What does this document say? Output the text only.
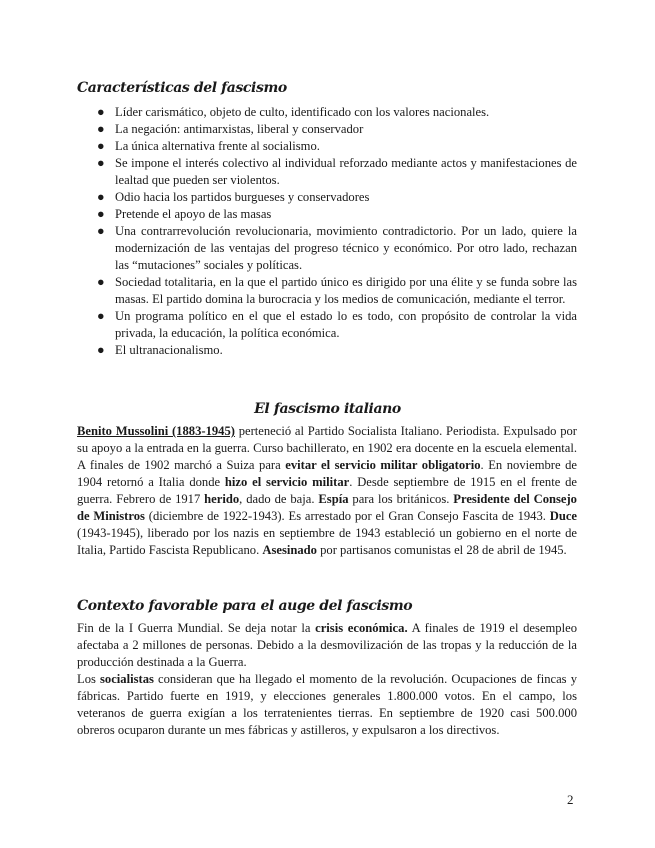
Características del fascismo
● Líder carismático, objeto de culto, identificado con los valores nacionales.
● La negación: antimarxistas, liberal y conservador
● La única alternativa frente al socialismo.
● Se impone el interés colectivo al individual reforzado mediante actos y manifestaciones de lealtad que pueden ser violentos.
● Odio hacia los partidos burgueses y conservadores
● Pretende el apoyo de las masas
● Una contrarrevolución revolucionaria, movimiento contradictorio. Por un lado, quiere la modernización de las ventajas del progreso técnico y económico. Por otro lado, rechazan las “mutaciones” sociales y políticas.
● Sociedad totalitaria, en la que el partido único es dirigido por una élite y se funda sobre las masas. El partido domina la burocracia y los medios de comunicación, mediante el terror.
● Un programa político en el que el estado lo es todo, con propósito de controlar la vida privada, la educación, la política económica.
● El ultranacionalismo.
El fascismo italiano

Benito Mussolini (1883-1945) perteneció al Partido Socialista Italiano. Periodista. Expulsado por su apoyo a la entrada en la guerra. Curso bachillerato, en 1902 era docente en la escuela elemental. A finales de 1902 marchó a Suiza para evitar el servicio militar obligatorio. En noviembre de 1904 retornó a Italia donde hizo el servicio militar. Desde septiembre de 1915 en el frente de guerra. Febrero de 1917 herido, dado de baja. Espía para los británicos. Presidente del Consejo de Ministros (diciembre de 1922-1943). Es arrestado por el Gran Consejo Fascita de 1943. Duce (1943-1945), liberado por los nazis en septiembre de 1943 estableció un gobierno en el norte de Italia, Partido Fascista Republicano. Asesinado por partisanos comunistas el 28 de abril de 1945.

Contexto favorable para el auge del fascismo

Fin de la I Guerra Mundial. Se deja notar la crisis económica. A finales de 1919 el desempleo afectaba a 2 millones de personas. Debido a la desmovilización de las tropas y la reducción de la producción destinada a la Guerra.

Los socialistas consideran que ha llegado el momento de la revolución. Ocupaciones de fincas y fábricas. Partido fuerte en 1919, y elecciones generales 1.800.000 votos. En el campo, los veteranos de guerra exigían a los terratenientes tierras. En septiembre de 1920 casi 500.000 obreros ocuparon durante un mes fábricas y astilleros, y expulsaron a los directivos.

2
